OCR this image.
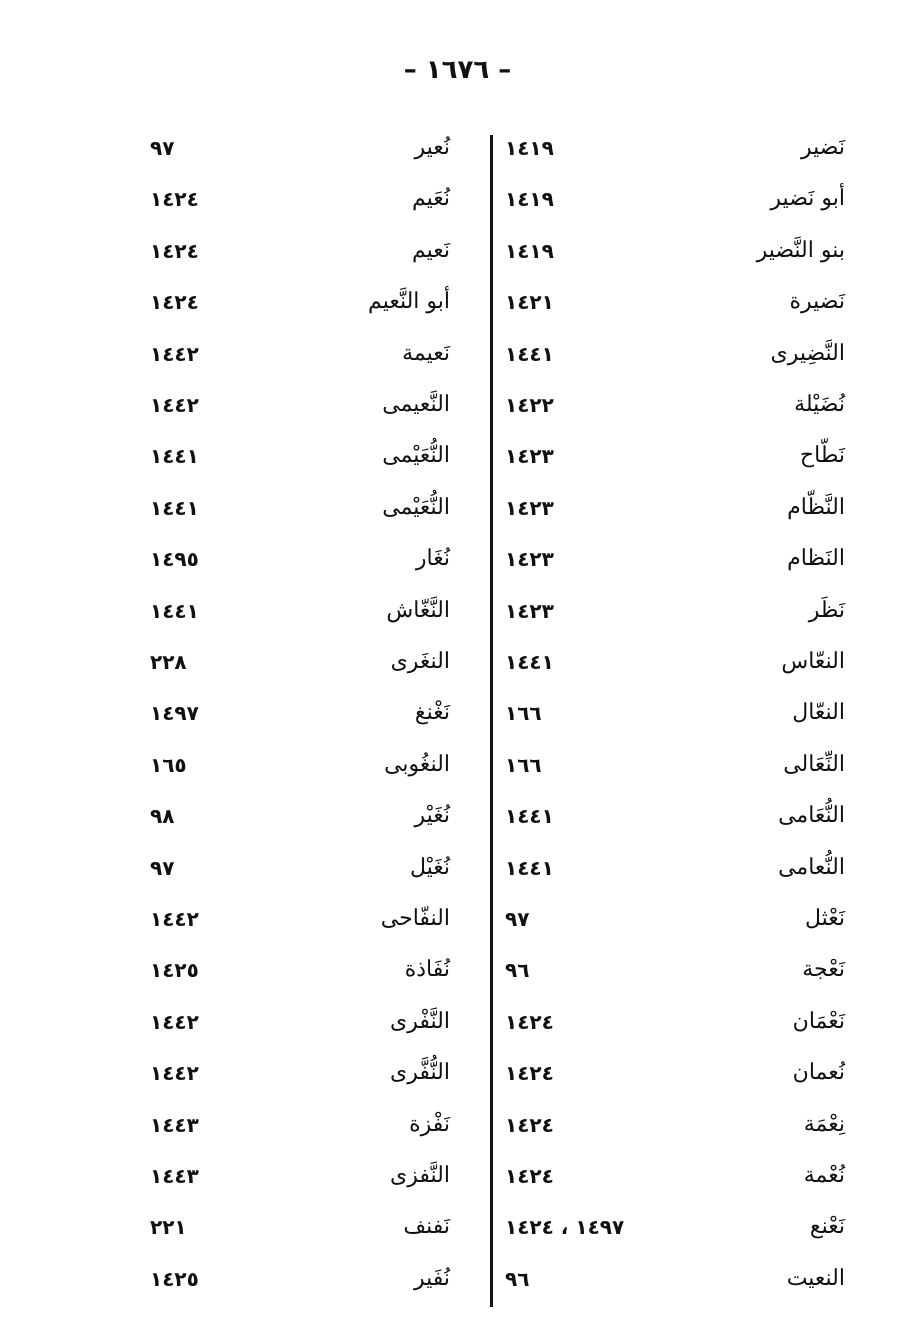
– ١٦٧٦ –
نَضير
١٤١٩
أبو نَضير
١٤١٩
بنو النَّضير
١٤١٩
نَضيرة
١٤٢١
النَّضِيرى
١٤٤١
نُضَيْلة
١٤٢٢
نَطّاح
١٤٢٣
النَّظّام
١٤٢٣
النَظام
١٤٢٣
نَظَر
١٤٢٣
النعّاس
١٤٤١
النعّال
١٦٦
النِّعَالى
١٦٦
النُّعَامى
١٤٤١
النُّعامى
١٤٤١
نَعْثل
٩٧
نَعْجة
٩٦
نَعْمَان
١٤٢٤
نُعمان
١٤٢٤
نِعْمَة
١٤٢٤
نُعْمة
١٤٢٤
نَعْنع
١٤٩٧ ، ١٤٢٤
النعيت
٩٦
نُعير
٩٧
نُعَيم
١٤٢٤
نَعيم
١٤٢٤
أبو النَّعيم
١٤٢٤
نَعيمة
١٤٤٢
النَّعيمى
١٤٤٢
النُّعَيْمى
١٤٤١
النُّعَيْمى
١٤٤١
نُغَار
١٤٩٥
النَّغّاش
١٤٤١
النغَرى
٢٢٨
نَغْنغ
١٤٩٧
النغُوبى
١٦٥
نُغَيْر
٩٨
نُغَيْل
٩٧
النفّاحى
١٤٤٢
نُفَاذة
١٤٢٥
النَّفْرى
١٤٤٢
النُّفَّرى
١٤٤٢
نَفْزة
١٤٤٣
النَّفزى
١٤٤٣
نَفنف
٢٢١
نُفَير
١٤٢٥
